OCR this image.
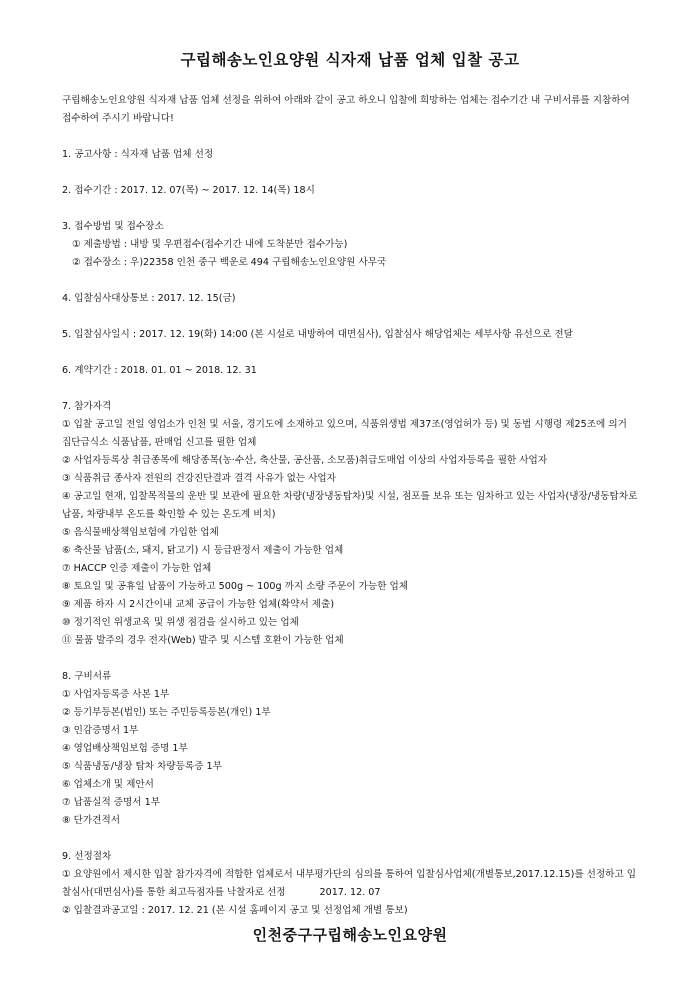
구립해송노인요양원 식자재 납품 업체 입찰 공고

구립해송노인요양원 식자재 납품 업체 선정을 위하여 아래와 같이 공고 하오니 입찰에 희망하는 업체는 접수기간 내 구비서류를 지참하여 접수하여 주시기 바랍니다!

1. 공고사항 : 식자재 납품 업체 선정

2. 접수기간 : 2017. 12. 07(목) ~ 2017. 12. 14(목) 18시

3. 접수방법 및 접수장소

① 제출방법 : 내방 및 우편접수(접수기간 내에 도착분만 접수가능)

② 접수장소 : 우)22358 인천 중구 백운로 494 구립해송노인요양원 사무국

4. 입찰심사대상통보 : 2017. 12. 15(금)

5. 입찰심사일시 : 2017. 12. 19(화) 14:00 (본 시설로 내방하여 대면심사), 입찰심사 해당업체는 세부사항 유선으로 전달

6. 계약기간 : 2018. 01. 01 ~ 2018. 12. 31

7. 참가자격

① 입찰 공고일 전일 영업소가 인천 및 서울, 경기도에 소재하고 있으며, 식품위생법 제37조(영업허가 등) 및 동법 시행령 제25조에 의거 집단급식소 식품납품, 판매업 신고를 필한 업체

② 사업자등록상 취급종목에 해당종목(농·수산, 축산물, 공산품, 소모품)취급도매업 이상의 사업자등록을 필한 사업자

③ 식품취급 종사자 전원의 건강진단결과 결격 사유가 없는 사업자

④ 공고일 현재, 입찰목적물의 운반 및 보관에 필요한 차량(냉장냉동탑차)및 시설, 점포를 보유 또는 임차하고 있는 사업자(냉장/냉동탑차로 납품, 차량내부 온도를 확인할 수 있는 온도계 비치)

⑤ 음식물배상책임보험에 가입한 업체

⑥ 축산물 납품(소, 돼지, 닭고기) 시 등급판정서 제출이 가능한 업체

⑦ HACCP 인증 제출이 가능한 업체

⑧ 토요일 및 공휴일 납품이 가능하고 500g ~ 100g 까지 소량 주문이 가능한 업체

⑨ 제품 하자 시 2시간이내 교체 공급이 가능한 업체(확약서 제출)

⑩ 정기적인 위생교육 및 위생 점검을 실시하고 있는 업체

⑪ 물품 발주의 경우 전자(Web) 발주 및 시스템 호환이 가능한 업체

8. 구비서류

① 사업자등록증 사본 1부

② 등기부등본(법인) 또는 주민등록등본(개인) 1부

③ 인감증명서 1부

④ 영업배상책임보험 증명 1부

⑤ 식품냉동/냉장 탑차 차량등록증 1부

⑥ 업체소개 및 제안서

⑦ 납품실적 증명서 1부

⑧ 단가견적서

9. 선정절차

① 요양원에서 제시한 입찰 참가자격에 적합한 업체로서 내부평가단의 심의를 통하여 입찰심사업체(개별통보,2017.12.15)를 선정하고 입찰심사(대면심사)를 통한 최고득점자를 낙찰자로 선정

② 입찰결과공고일 : 2017. 12. 21 (본 시설 홈페이지 공고 및 선정업체 개별 통보)

2017. 12. 07
인천중구구립해송노인요양원
